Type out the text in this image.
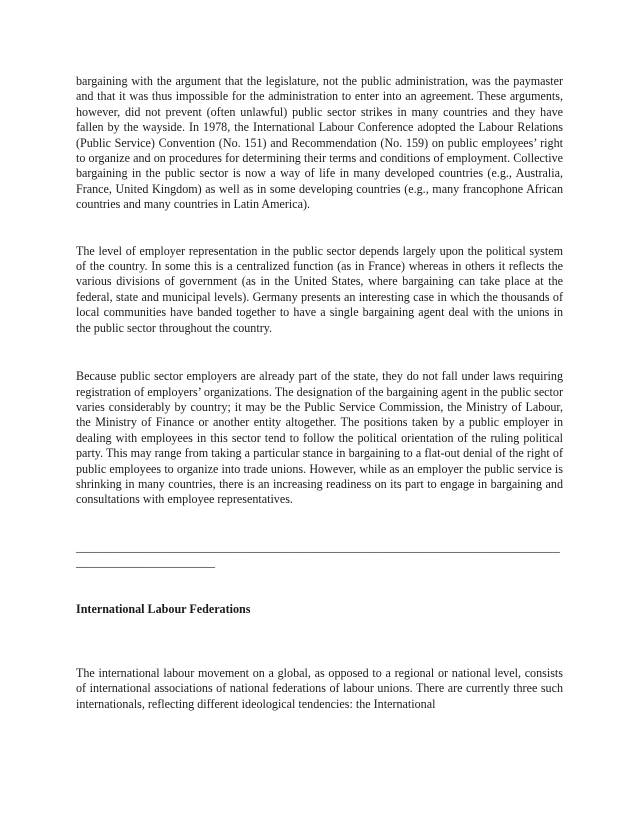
bargaining with the argument that the legislature, not the public administration, was the paymaster and that it was thus impossible for the administration to enter into an agreement. These arguments, however, did not prevent (often unlawful) public sector strikes in many countries and they have fallen by the wayside. In 1978, the International Labour Conference adopted the Labour Relations (Public Service) Convention (No. 151) and Recommendation (No. 159) on public employees’ right to organize and on procedures for determining their terms and conditions of employment. Collective bargaining in the public sector is now a way of life in many developed countries (e.g., Australia, France, United Kingdom) as well as in some developing countries (e.g., many francophone African countries and many countries in Latin America).

The level of employer representation in the public sector depends largely upon the political system of the country. In some this is a centralized function (as in France) whereas in others it reflects the various divisions of government (as in the United States, where bargaining can take place at the federal, state and municipal levels). Germany presents an interesting case in which the thousands of local communities have banded together to have a single bargaining agent deal with the unions in the public sector throughout the country.

Because public sector employers are already part of the state, they do not fall under laws requiring registration of employers’ organizations. The designation of the bargaining agent in the public sector varies considerably by country; it may be the Public Service Commission, the Ministry of Labour, the Ministry of Finance or another entity altogether. The positions taken by a public employer in dealing with employees in this sector tend to follow the political orientation of the ruling political party. This may range from taking a particular stance in bargaining to a flat-out denial of the right of public employees to organize into trade unions. However, while as an employer the public service is shrinking in many countries, there is an increasing readiness on its part to engage in bargaining and consultations with employee representatives.

_______________________________________________________________________________________________________
International Labour Federations

The international labour movement on a global, as opposed to a regional or national level, consists of international associations of national federations of labour unions. There are currently three such internationals, reflecting different ideological tendencies: the International
